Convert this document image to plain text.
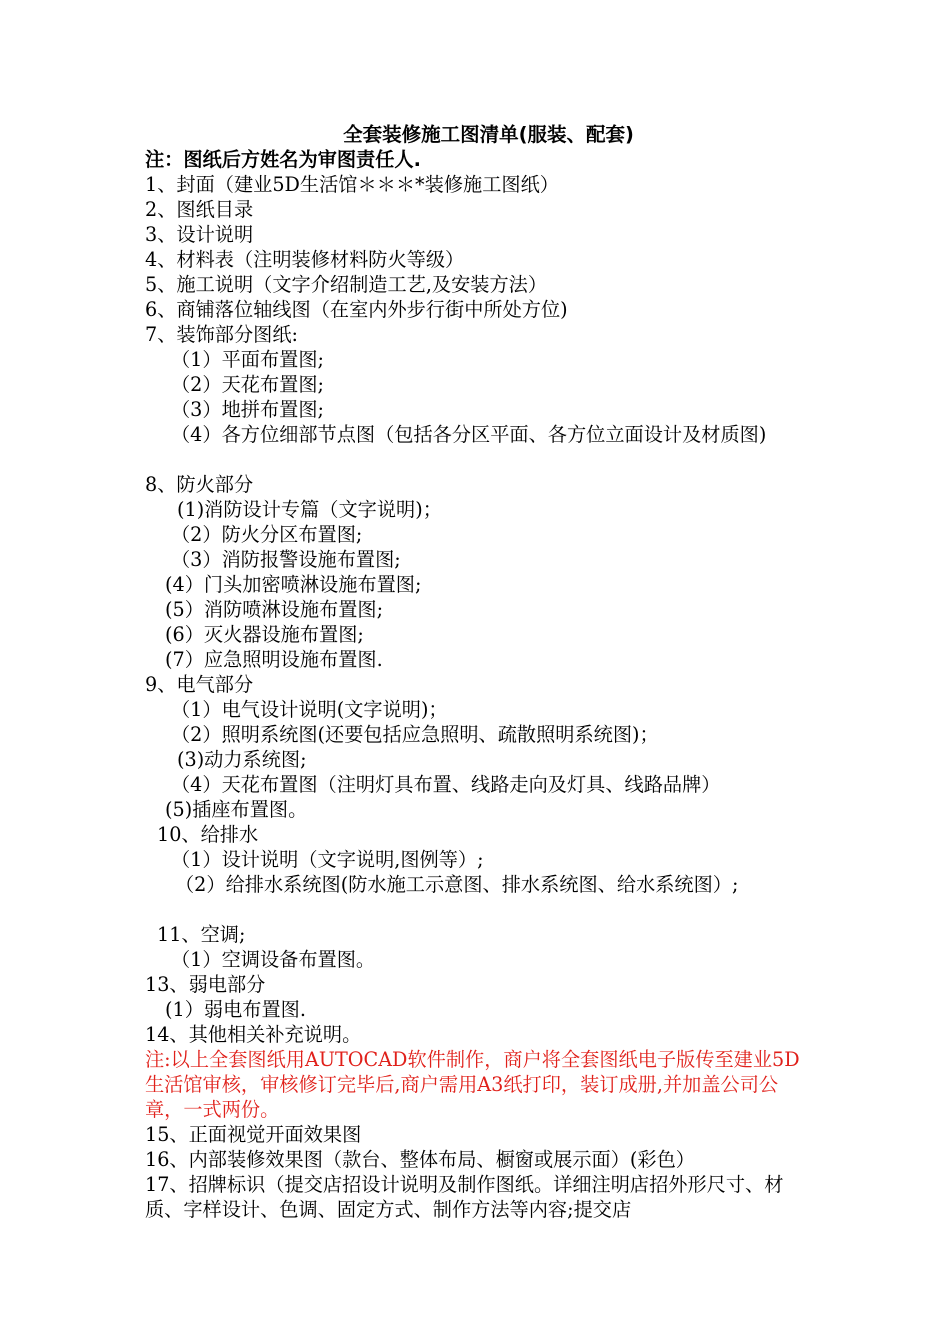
全套装修施工图清单(服装、配套)
注：图纸后方姓名为审图责任人.
1、封面（建业5D生活馆＊＊＊*装修施工图纸）
2、图纸目录
3、设计说明
4、材料表（注明装修材料防火等级）
5、施工说明（文字介绍制造工艺,及安装方法）
6、商铺落位轴线图（在室内外步行街中所处方位)
7、装饰部分图纸:
（1）平面布置图;
（2）天花布置图;
（3）地拼布置图;
（4）各方位细部节点图（包括各分区平面、各方位立面设计及材质图)
8、防火部分
(1)消防设计专篇（文字说明)；
（2）防火分区布置图;
（3）消防报警设施布置图;
(4）门头加密喷淋设施布置图;
(5）消防喷淋设施布置图;
(6）灭火器设施布置图;
(7）应急照明设施布置图.
9、电气部分
（1）电气设计说明(文字说明)；
（2）照明系统图(还要包括应急照明、疏散照明系统图)；
(3)动力系统图;
（4）天花布置图（注明灯具布置、线路走向及灯具、线路品牌）
(5)插座布置图。
10、给排水
（1）设计说明（文字说明,图例等）;
（2）给排水系统图(防水施工示意图、排水系统图、给水系统图）;
11、空调;
（1）空调设备布置图。
13、弱电部分
(1）弱电布置图.
14、其他相关补充说明。
注:以上全套图纸用AUTOCAD软件制作，商户将全套图纸电子版传至建业5D生活馆审核，审核修订完毕后,商户需用A3纸打印，装订成册,并加盖公司公章，一式两份。
15、正面视觉开面效果图
16、内部装修效果图（款台、整体布局、橱窗或展示面）(彩色）
17、招牌标识（提交店招设计说明及制作图纸。详细注明店招外形尺寸、材质、字样设计、色调、固定方式、制作方法等内容;提交店
